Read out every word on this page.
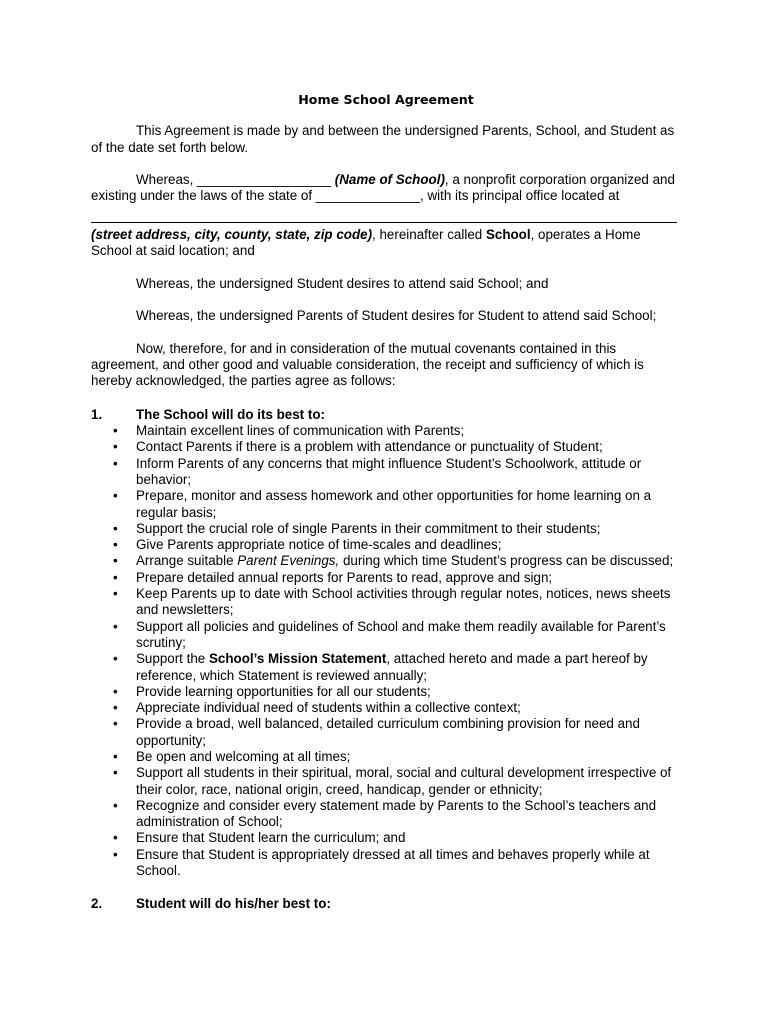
Home School Agreement

This Agreement is made by and between the undersigned Parents, School, and Student as of the date set forth below.

Whereas, __________________ (Name of School), a nonprofit corporation organized and existing under the laws of the state of ______________, with its principal office located at

(street address, city, county, state, zip code), hereinafter called School, operates a Home School at said location; and

Whereas, the undersigned Student desires to attend said School; and

Whereas, the undersigned Parents of Student desires for Student to attend said School;

Now, therefore, for and in consideration of the mutual covenants contained in this agreement, and other good and valuable consideration, the receipt and sufficiency of which is hereby acknowledged, the parties agree as follows:

1.	The School will do its best to:
• Maintain excellent lines of communication with Parents;
• Contact Parents if there is a problem with attendance or punctuality of Student;
• Inform Parents of any concerns that might influence Student’s Schoolwork, attitude or behavior;
• Prepare, monitor and assess homework and other opportunities for home learning on a regular basis;
• Support the crucial role of single Parents in their commitment to their students;
• Give Parents appropriate notice of time-scales and deadlines;
• Arrange suitable Parent Evenings, during which time Student’s progress can be discussed;
• Prepare detailed annual reports for Parents to read, approve and sign;
• Keep Parents up to date with School activities through regular notes, notices, news sheets and newsletters;
• Support all policies and guidelines of School and make them readily available for Parent’s scrutiny;
• Support the School’s Mission Statement, attached hereto and made a part hereof by reference, which Statement is reviewed annually;
• Provide learning opportunities for all our students;
• Appreciate individual need of students within a collective context;
• Provide a broad, well balanced, detailed curriculum combining provision for need and opportunity;
• Be open and welcoming at all times;
• Support all students in their spiritual, moral, social and cultural development irrespective of their color, race, national origin, creed, handicap, gender or ethnicity;
• Recognize and consider every statement made by Parents to the School’s teachers and administration of School;
• Ensure that Student learn the curriculum; and
• Ensure that Student is appropriately dressed at all times and behaves properly while at School.
2.	Student will do his/her best to:
